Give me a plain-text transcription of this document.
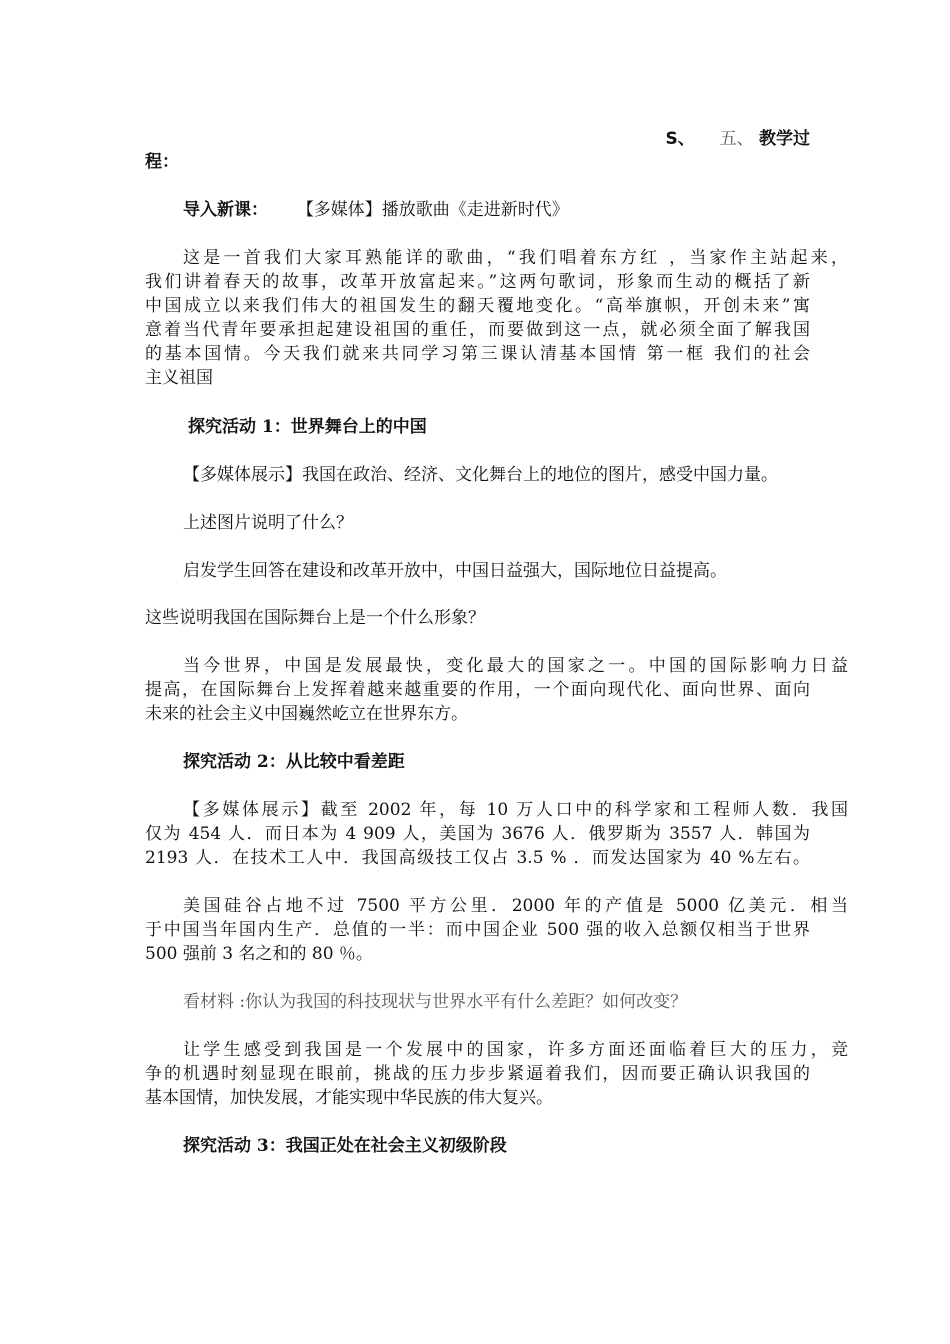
S、 五、 教学过
程：
导入新课： 【多媒体】播放歌曲《走进新时代》
这是一首我们大家耳熟能详的歌曲，“我们唱着东方红 ，当家作主站起来，
我们讲着春天的故事，改革开放富起来。”这两句歌词，形象而生动的概括了新
中国成立以来我们伟大的祖国发生的翻天覆地变化。“高举旗帜，开创未来”寓
意着当代青年要承担起建设祖国的重任，而要做到这一点，就必须全面了解我国
的基本国情。今天我们就来共同学习第三课认清基本国情 第一框 我们的社会
主义祖国
探究活动 1：世界舞台上的中国
【多媒体展示】我国在政治、经济、文化舞台上的地位的图片，感受中国力量。
上述图片说明了什么？
启发学生回答在建设和改革开放中，中国日益强大，国际地位日益提高。
这些说明我国在国际舞台上是一个什么形象？
当今世界，中国是发展最快，变化最大的国家之一。中国的国际影响力日益
提高，在国际舞台上发挥着越来越重要的作用，一个面向现代化、面向世界、面向
未来的社会主义中国巍然屹立在世界东方。
探究活动 2：从比较中看差距
【多媒体展示】截至 2002 年，每 10 万人口中的科学家和工程师人数．我国
仅为 454 人．而日本为 4 909 人，美国为 3676 人．俄罗斯为 3557 人．韩国为
2193 人．在技术工人中．我国高级技工仅占 3.5 % ．而发达国家为 40 %左右。
美国硅谷占地不过 7500 平方公里．2000 年的产值是 5000 亿美元．相当
于中国当年国内生产．总值的一半：而中国企业 500 强的收入总额仅相当于世界
500 强前 3 名之和的 80 ％。
看材料 :你认为我国的科技现状与世界水平有什么差距？如何改变？
让学生感受到我国是一个发展中的国家，许多方面还面临着巨大的压力，竞
争的机遇时刻显现在眼前，挑战的压力步步紧逼着我们，因而要正确认识我国的
基本国情，加快发展，才能实现中华民族的伟大复兴。
探究活动 3：我国正处在社会主义初级阶段
